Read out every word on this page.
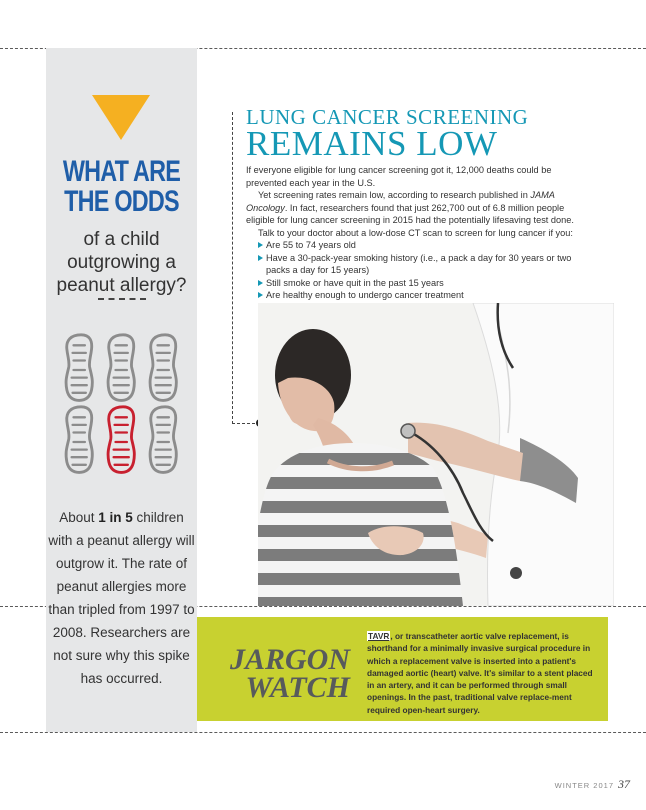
WHAT ARE
THE ODDS
of a child
outgrowing a
peanut allergy?
About 1 in 5 children with a peanut allergy will outgrow it. The rate of peanut allergies more than tripled from 1997 to 2008. Researchers are not sure why this spike has occurred.
LUNG CANCER SCREENING
REMAINS LOW

If everyone eligible for lung cancer screening got it, 12,000 deaths could be prevented each year in the U.S.

Yet screening rates remain low, according to research published in JAMA Oncology. In fact, researchers found that just 262,700 out of 6.8 million people eligible for lung cancer screening in 2015 had the potentially lifesaving test done.

Talk to your doctor about a low-dose CT scan to screen for lung cancer if you:

Are 55 to 74 years old
Have a 30-pack-year smoking history (i.e., a pack a day for 30 years or two packs a day for 15 years)
Still smoke or have quit in the past 15 years
Are healthy enough to undergo cancer treatment
JARGON
WATCH
TAVR, or transcatheter aortic valve replacement, is shorthand for a minimally invasive surgical procedure in which a replacement valve is inserted into a patient's damaged aortic (heart) valve. It's similar to a stent placed in an artery, and it can be performed through small openings. In the past, traditional valve replace-ment required open-heart surgery.
WINTER 2017 37
